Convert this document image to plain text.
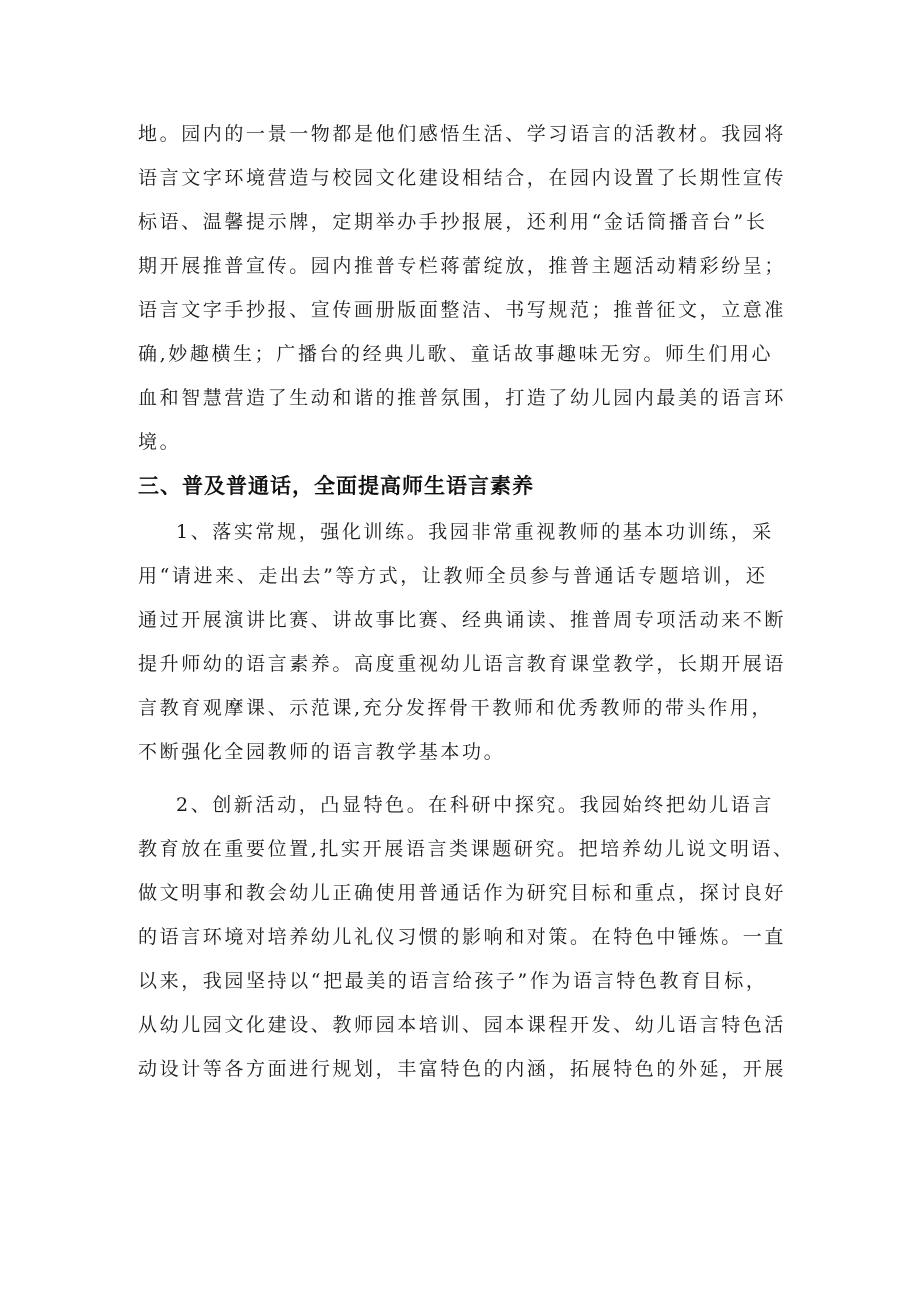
地。园内的一景一物都是他们感悟生活、学习语言的活教材。我园将
语言文字环境营造与校园文化建设相结合，在园内设置了长期性宣传
标语、温馨提示牌，定期举办手抄报展，还利用“金话筒播音台”长
期开展推普宣传。园内推普专栏蒋蕾绽放，推普主题活动精彩纷呈；
语言文字手抄报、宣传画册版面整洁、书写规范；推普征文，立意准
确,妙趣横生；广播台的经典儿歌、童话故事趣味无穷。师生们用心
血和智慧营造了生动和谐的推普氛围，打造了幼儿园内最美的语言环
境。
三、普及普通话，全面提高师生语言素养
1、落实常规，强化训练。我园非常重视教师的基本功训练，采
用“请进来、走出去”等方式，让教师全员参与普通话专题培训，还
通过开展演讲比赛、讲故事比赛、经典诵读、推普周专项活动来不断
提升师幼的语言素养。高度重视幼儿语言教育课堂教学，长期开展语
言教育观摩课、示范课,充分发挥骨干教师和优秀教师的带头作用，
不断强化全园教师的语言教学基本功。
2、创新活动，凸显特色。在科研中探究。我园始终把幼儿语言
教育放在重要位置,扎实开展语言类课题研究。把培养幼儿说文明语、
做文明事和教会幼儿正确使用普通话作为研究目标和重点，探讨良好
的语言环境对培养幼儿礼仪习惯的影响和对策。在特色中锤炼。一直
以来，我园坚持以“把最美的语言给孩子”作为语言特色教育目标，
从幼儿园文化建设、教师园本培训、园本课程开发、幼儿语言特色活
动设计等各方面进行规划，丰富特色的内涵，拓展特色的外延，开展
